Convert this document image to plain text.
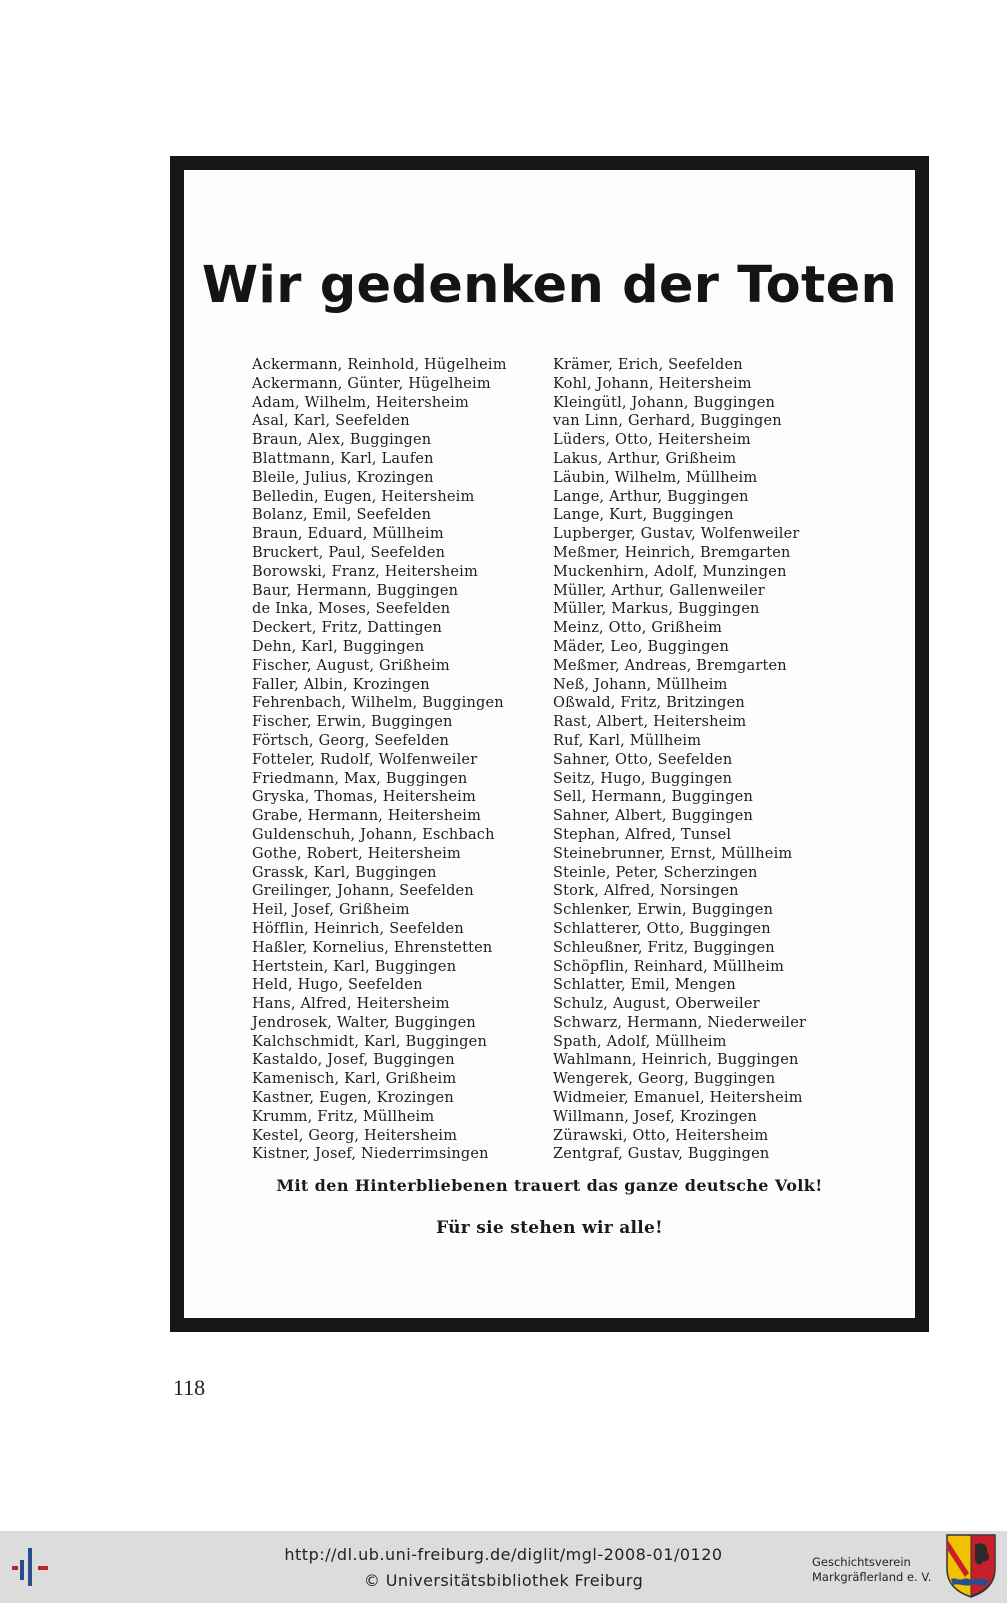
Wir gedenken der Toten
Ackermann, Reinhold, Hügelheim
Ackermann, Günter, Hügelheim
Adam, Wilhelm, Heitersheim
Asal, Karl, Seefelden
Braun, Alex, Buggingen
Blattmann, Karl, Laufen
Bleile, Julius, Krozingen
Belledin, Eugen, Heitersheim
Bolanz, Emil, Seefelden
Braun, Eduard, Müllheim
Bruckert, Paul, Seefelden
Borowski, Franz, Heitersheim
Baur, Hermann, Buggingen
de Inka, Moses, Seefelden
Deckert, Fritz, Dattingen
Dehn, Karl, Buggingen
Fischer, August, Grißheim
Faller, Albin, Krozingen
Fehrenbach, Wilhelm, Buggingen
Fischer, Erwin, Buggingen
Förtsch, Georg, Seefelden
Fotteler, Rudolf, Wolfenweiler
Friedmann, Max, Buggingen
Gryska, Thomas, Heitersheim
Grabe, Hermann, Heitersheim
Guldenschuh, Johann, Eschbach
Gothe, Robert, Heitersheim
Grassk, Karl, Buggingen
Greilinger, Johann, Seefelden
Heil, Josef, Grißheim
Höfflin, Heinrich, Seefelden
Haßler, Kornelius, Ehrenstetten
Hertstein, Karl, Buggingen
Held, Hugo, Seefelden
Hans, Alfred, Heitersheim
Jendrosek, Walter, Buggingen
Kalchschmidt, Karl, Buggingen
Kastaldo, Josef, Buggingen
Kamenisch, Karl, Grißheim
Kastner, Eugen, Krozingen
Krumm, Fritz, Müllheim
Kestel, Georg, Heitersheim
Kistner, Josef, Niederrimsingen
Krämer, Erich, Seefelden
Kohl, Johann, Heitersheim
Kleingütl, Johann, Buggingen
van Linn, Gerhard, Buggingen
Lüders, Otto, Heitersheim
Lakus, Arthur, Grißheim
Läubin, Wilhelm, Müllheim
Lange, Arthur, Buggingen
Lange, Kurt, Buggingen
Lupberger, Gustav, Wolfenweiler
Meßmer, Heinrich, Bremgarten
Muckenhirn, Adolf, Munzingen
Müller, Arthur, Gallenweiler
Müller, Markus, Buggingen
Meinz, Otto, Grißheim
Mäder, Leo, Buggingen
Meßmer, Andreas, Bremgarten
Neß, Johann, Müllheim
Oßwald, Fritz, Britzingen
Rast, Albert, Heitersheim
Ruf, Karl, Müllheim
Sahner, Otto, Seefelden
Seitz, Hugo, Buggingen
Sell, Hermann, Buggingen
Sahner, Albert, Buggingen
Stephan, Alfred, Tunsel
Steinebrunner, Ernst, Müllheim
Steinle, Peter, Scherzingen
Stork, Alfred, Norsingen
Schlenker, Erwin, Buggingen
Schlatterer, Otto, Buggingen
Schleußner, Fritz, Buggingen
Schöpflin, Reinhard, Müllheim
Schlatter, Emil, Mengen
Schulz, August, Oberweiler
Schwarz, Hermann, Niederweiler
Spath, Adolf, Müllheim
Wahlmann, Heinrich, Buggingen
Wengerek, Georg, Buggingen
Widmeier, Emanuel, Heitersheim
Willmann, Josef, Krozingen
Zürawski, Otto, Heitersheim
Zentgraf, Gustav, Buggingen
Mit den Hinterbliebenen trauert das ganze deutsche Volk!
Für sie stehen wir alle!
118
http://dl.ub.uni-freiburg.de/diglit/mgl-2008-01/0120
© Universitätsbibliothek Freiburg
Geschichtsverein
Markgräflerland e. V.
